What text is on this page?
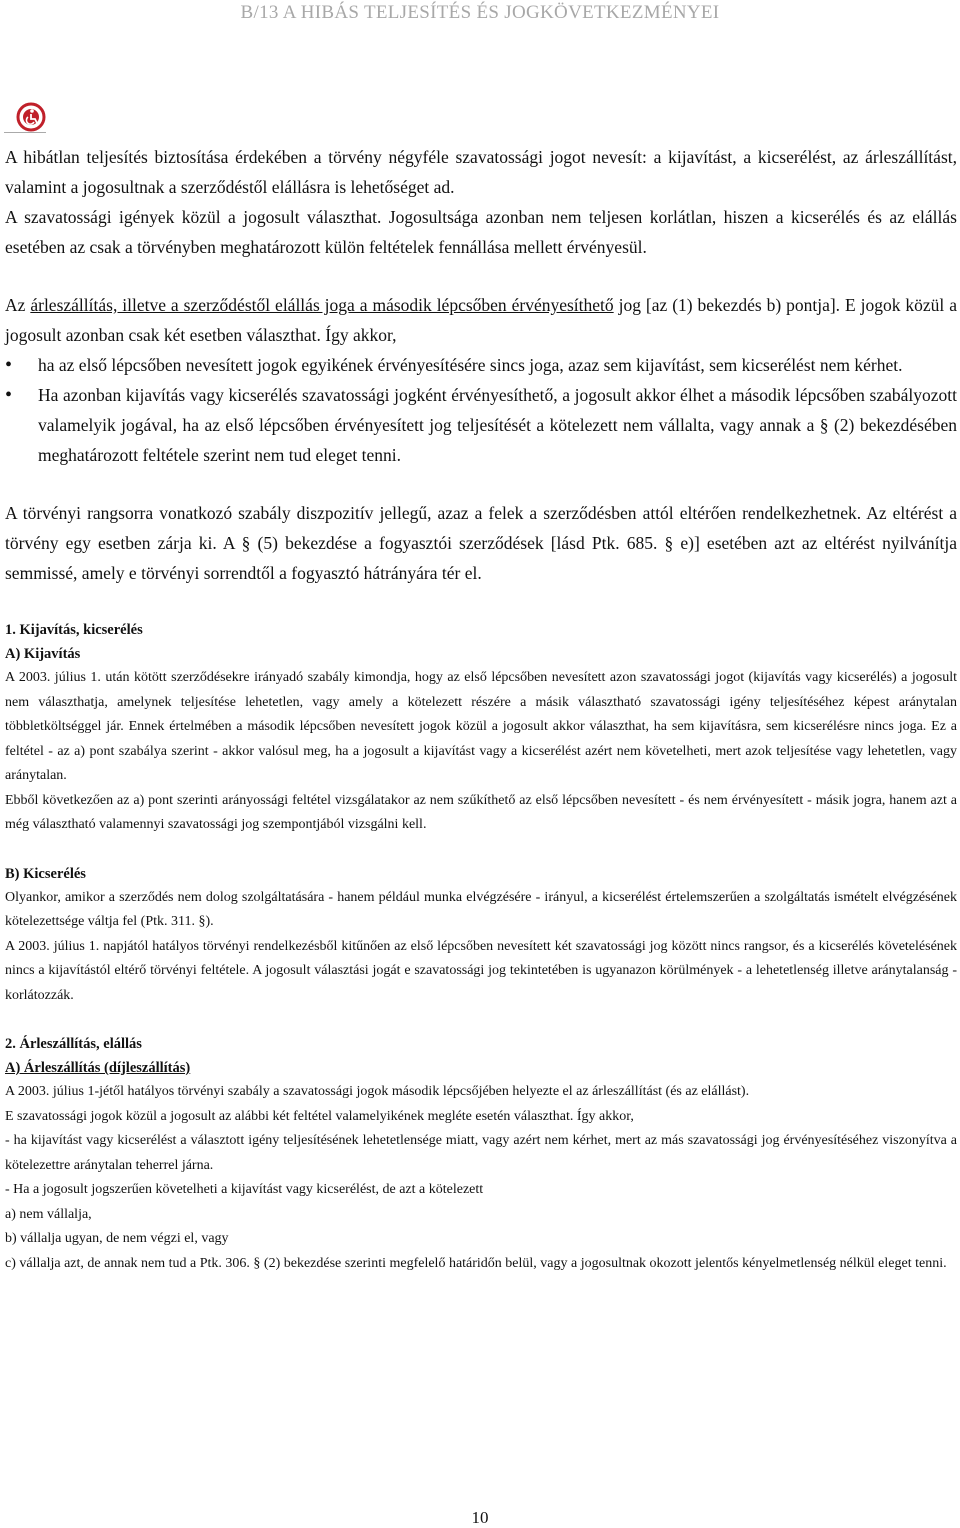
B/13 A HIBÁS TELJESÍTÉS ÉS JOGKÖVETKEZMÉNYEI

A hibátlan teljesítés biztosítása érdekében a törvény négyféle szavatossági jogot nevesít: a kijavítást, a kicserélést, az árleszállítást, valamint a jogosultnak a szerződéstől elállásra is lehetőséget ad.
A szavatossági igények közül a jogosult választhat. Jogosultsága azonban nem teljesen korlátlan, hiszen a kicserélés és az elállás esetében az csak a törvényben meghatározott külön feltételek fennállása mellett érvényesül.

Az árleszállítás, illetve a szerződéstől elállás joga a második lépcsőben érvényesíthető jog [az (1) bekezdés b) pontja]. E jogok közül a jogosult azonban csak két esetben választhat. Így akkor,

• ha az első lépcsőben nevesített jogok egyikének érvényesítésére sincs joga, azaz sem kijavítást, sem kicserélést nem kérhet.
• Ha azonban kijavítás vagy kicserélés szavatossági jogként érvényesíthető, a jogosult akkor élhet a második lépcsőben szabályozott valamelyik jogával, ha az első lépcsőben érvényesített jog teljesítését a kötelezett nem vállalta, vagy annak a § (2) bekezdésében meghatározott feltétele szerint nem tud eleget tenni.

A törvényi rangsorra vonatkozó szabály diszpozitív jellegű, azaz a felek a szerződésben attól eltérően rendelkezhetnek. Az eltérést a törvény egy esetben zárja ki. A § (5) bekezdése a fogyasztói szerződések [lásd Ptk. 685. § e)] esetében azt az eltérést nyilvánítja semmissé, amely e törvényi sorrendtől a fogyasztó hátrányára tér el.

1. Kijavítás, kicserélés

A) Kijavítás

A 2003. július 1. után kötött szerződésekre irányadó szabály kimondja, hogy az első lépcsőben nevesített azon szavatossági jogot (kijavítás vagy kicserélés) a jogosult nem választhatja, amelynek teljesítése lehetetlen, vagy amely a kötelezett részére a másik választható szavatossági igény teljesítéséhez képest aránytalan többletköltséggel jár. Ennek értelmében a második lépcsőben nevesített jogok közül a jogosult akkor választhat, ha sem kijavításra, sem kicserélésre nincs joga. Ez a feltétel - az a) pont szabálya szerint - akkor valósul meg, ha a jogosult a kijavítást vagy a kicserélést azért nem követelheti, mert azok teljesítése vagy lehetetlen, vagy aránytalan.

Ebből következően az a) pont szerinti arányossági feltétel vizsgálatakor az nem szűkíthető az első lépcsőben nevesített - és nem érvényesített - másik jogra, hanem azt a még választható valamennyi szavatossági jog szempontjából vizsgálni kell.

B) Kicserélés

Olyankor, amikor a szerződés nem dolog szolgáltatására - hanem például munka elvégzésére - irányul, a kicserélést értelemszerűen a szolgáltatás ismételt elvégzésének kötelezettsége váltja fel (Ptk. 311. §).

A 2003. július 1. napjától hatályos törvényi rendelkezésből kitűnően az első lépcsőben nevesített két szavatossági jog között nincs rangsor, és a kicserélés követelésének nincs a kijavítástól eltérő törvényi feltétele. A jogosult választási jogát e szavatossági jog tekintetében is ugyanazon körülmények - a lehetetlenség illetve aránytalanság - korlátozzák.

2. Árleszállítás, elállás

A) Árleszállítás (díjleszállítás)

A 2003. július 1-jétől hatályos törvényi szabály a szavatossági jogok második lépcsőjében helyezte el az árleszállítást (és az elállást).

E szavatossági jogok közül a jogosult az alábbi két feltétel valamelyikének megléte esetén választhat. Így akkor,

- ha kijavítást vagy kicserélést a választott igény teljesítésének lehetetlensége miatt, vagy azért nem kérhet, mert az más szavatossági jog érvényesítéséhez viszonyítva a kötelezettre aránytalan teherrel járna.

- Ha a jogosult jogszerűen követelheti a kijavítást vagy kicserélést, de azt a kötelezett

a) nem vállalja,

b) vállalja ugyan, de nem végzi el, vagy

c) vállalja azt, de annak nem tud a Ptk. 306. § (2) bekezdése szerinti megfelelő határidőn belül, vagy a jogosultnak okozott jelentős kényelmetlenség nélkül eleget tenni.

10
